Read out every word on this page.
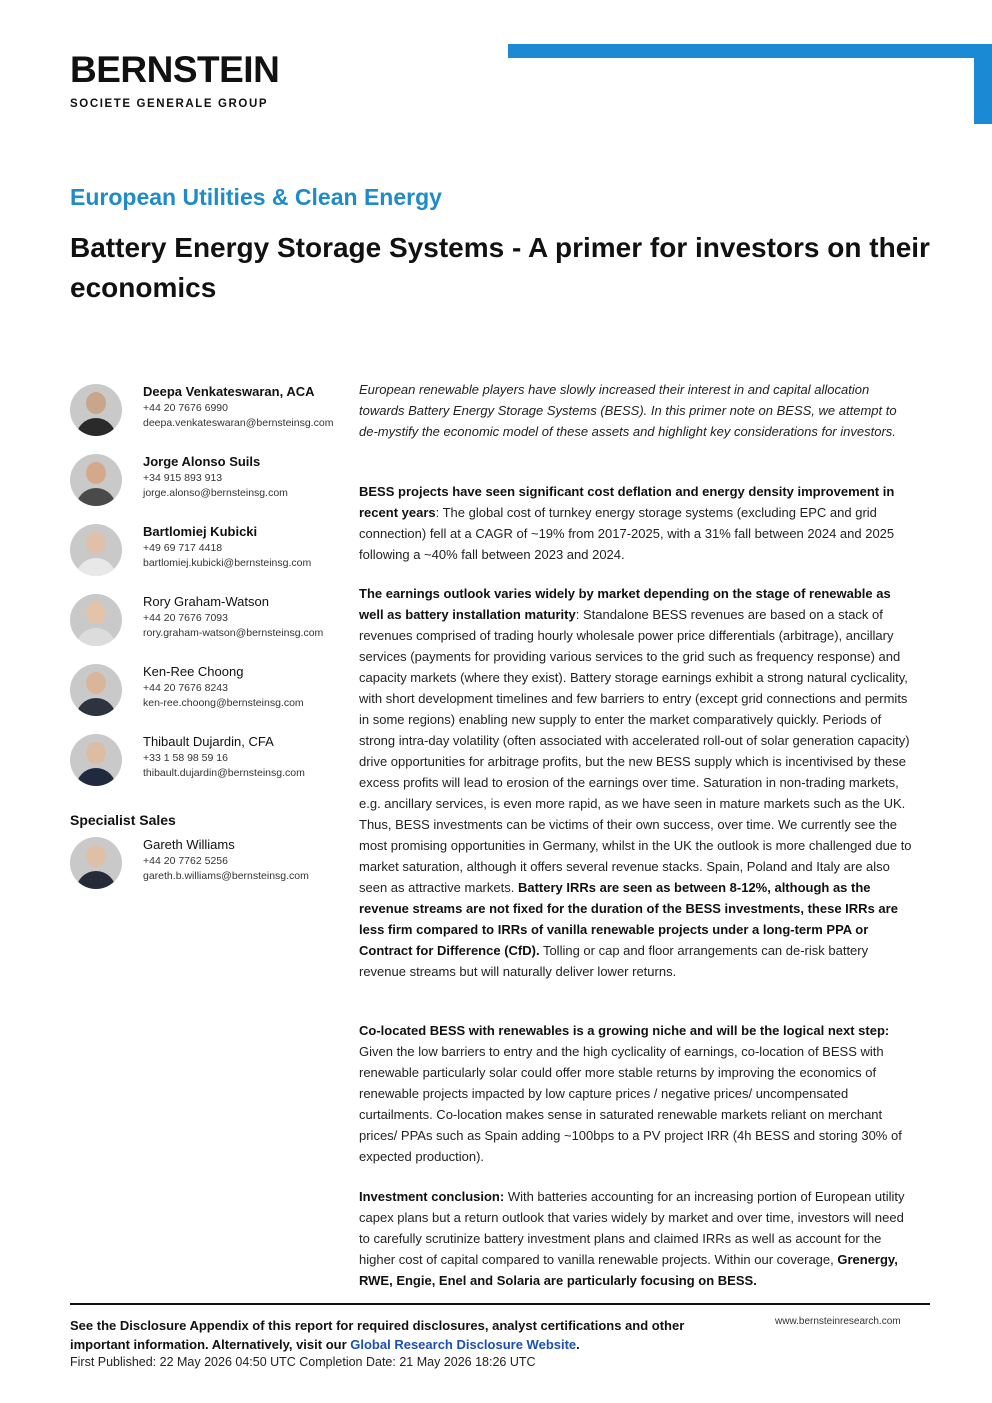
BERNSTEIN
SOCIETE GENERALE GROUP
European Utilities & Clean Energy
Battery Energy Storage Systems - A primer for investors on their economics
Deepa Venkateswaran, ACA
+44 20 7676 6990
deepa.venkateswaran@bernsteinsg.com
Jorge Alonso Suils
+34 915 893 913
jorge.alonso@bernsteinsg.com
Bartlomiej Kubicki
+49 69 717 4418
bartlomiej.kubicki@bernsteinsg.com
Rory Graham-Watson
+44 20 7676 7093
rory.graham-watson@bernsteinsg.com
Ken-Ree Choong
+44 20 7676 8243
ken-ree.choong@bernsteinsg.com
Thibault Dujardin, CFA
+33 1 58 98 59 16
thibault.dujardin@bernsteinsg.com
Specialist Sales
Gareth Williams
+44 20 7762 5256
gareth.b.williams@bernsteinsg.com

European renewable players have slowly increased their interest in and capital allocation towards Battery Energy Storage Systems (BESS). In this primer note on BESS, we attempt to de-mystify the economic model of these assets and highlight key considerations for investors.

BESS projects have seen significant cost deflation and energy density improvement in recent years: The global cost of turnkey energy storage systems (excluding EPC and grid connection) fell at a CAGR of ~19% from 2017-2025, with a 31% fall between 2024 and 2025 following a ~40% fall between 2023 and 2024.

The earnings outlook varies widely by market depending on the stage of renewable as well as battery installation maturity: Standalone BESS revenues are based on a stack of revenues comprised of trading hourly wholesale power price differentials (arbitrage), ancillary services (payments for providing various services to the grid such as frequency response) and capacity markets (where they exist). Battery storage earnings exhibit a strong natural cyclicality, with short development timelines and few barriers to entry (except grid connections and permits in some regions) enabling new supply to enter the market comparatively quickly. Periods of strong intra-day volatility (often associated with accelerated roll-out of solar generation capacity) drive opportunities for arbitrage profits, but the new BESS supply which is incentivised by these excess profits will lead to erosion of the earnings over time. Saturation in non-trading markets, e.g. ancillary services, is even more rapid, as we have seen in mature markets such as the UK. Thus, BESS investments can be victims of their own success, over time. We currently see the most promising opportunities in Germany, whilst in the UK the outlook is more challenged due to market saturation, although it offers several revenue stacks. Spain, Poland and Italy are also seen as attractive markets. Battery IRRs are seen as between 8-12%, although as the revenue streams are not fixed for the duration of the BESS investments, these IRRs are less firm compared to IRRs of vanilla renewable projects under a long-term PPA or Contract for Difference (CfD). Tolling or cap and floor arrangements can de-risk battery revenue streams but will naturally deliver lower returns.

Co-located BESS with renewables is a growing niche and will be the logical next step: Given the low barriers to entry and the high cyclicality of earnings, co-location of BESS with renewable particularly solar could offer more stable returns by improving the economics of renewable projects impacted by low capture prices / negative prices/ uncompensated curtailments. Co-location makes sense in saturated renewable markets reliant on merchant prices/ PPAs such as Spain adding ~100bps to a PV project IRR (4h BESS and storing 30% of expected production).

Investment conclusion: With batteries accounting for an increasing portion of European utility capex plans but a return outlook that varies widely by market and over time, investors will need to carefully scrutinize battery investment plans and claimed IRRs as well as account for the higher cost of capital compared to vanilla renewable projects. Within our coverage, Grenergy, RWE, Engie, Enel and Solaria are particularly focusing on BESS.

See the Disclosure Appendix of this report for required disclosures, analyst certifications and other important information. Alternatively, visit our Global Research Disclosure Website.
First Published: 22 May 2026 04:50 UTC Completion Date: 21 May 2026 18:26 UTC
www.bernsteinresearch.com
